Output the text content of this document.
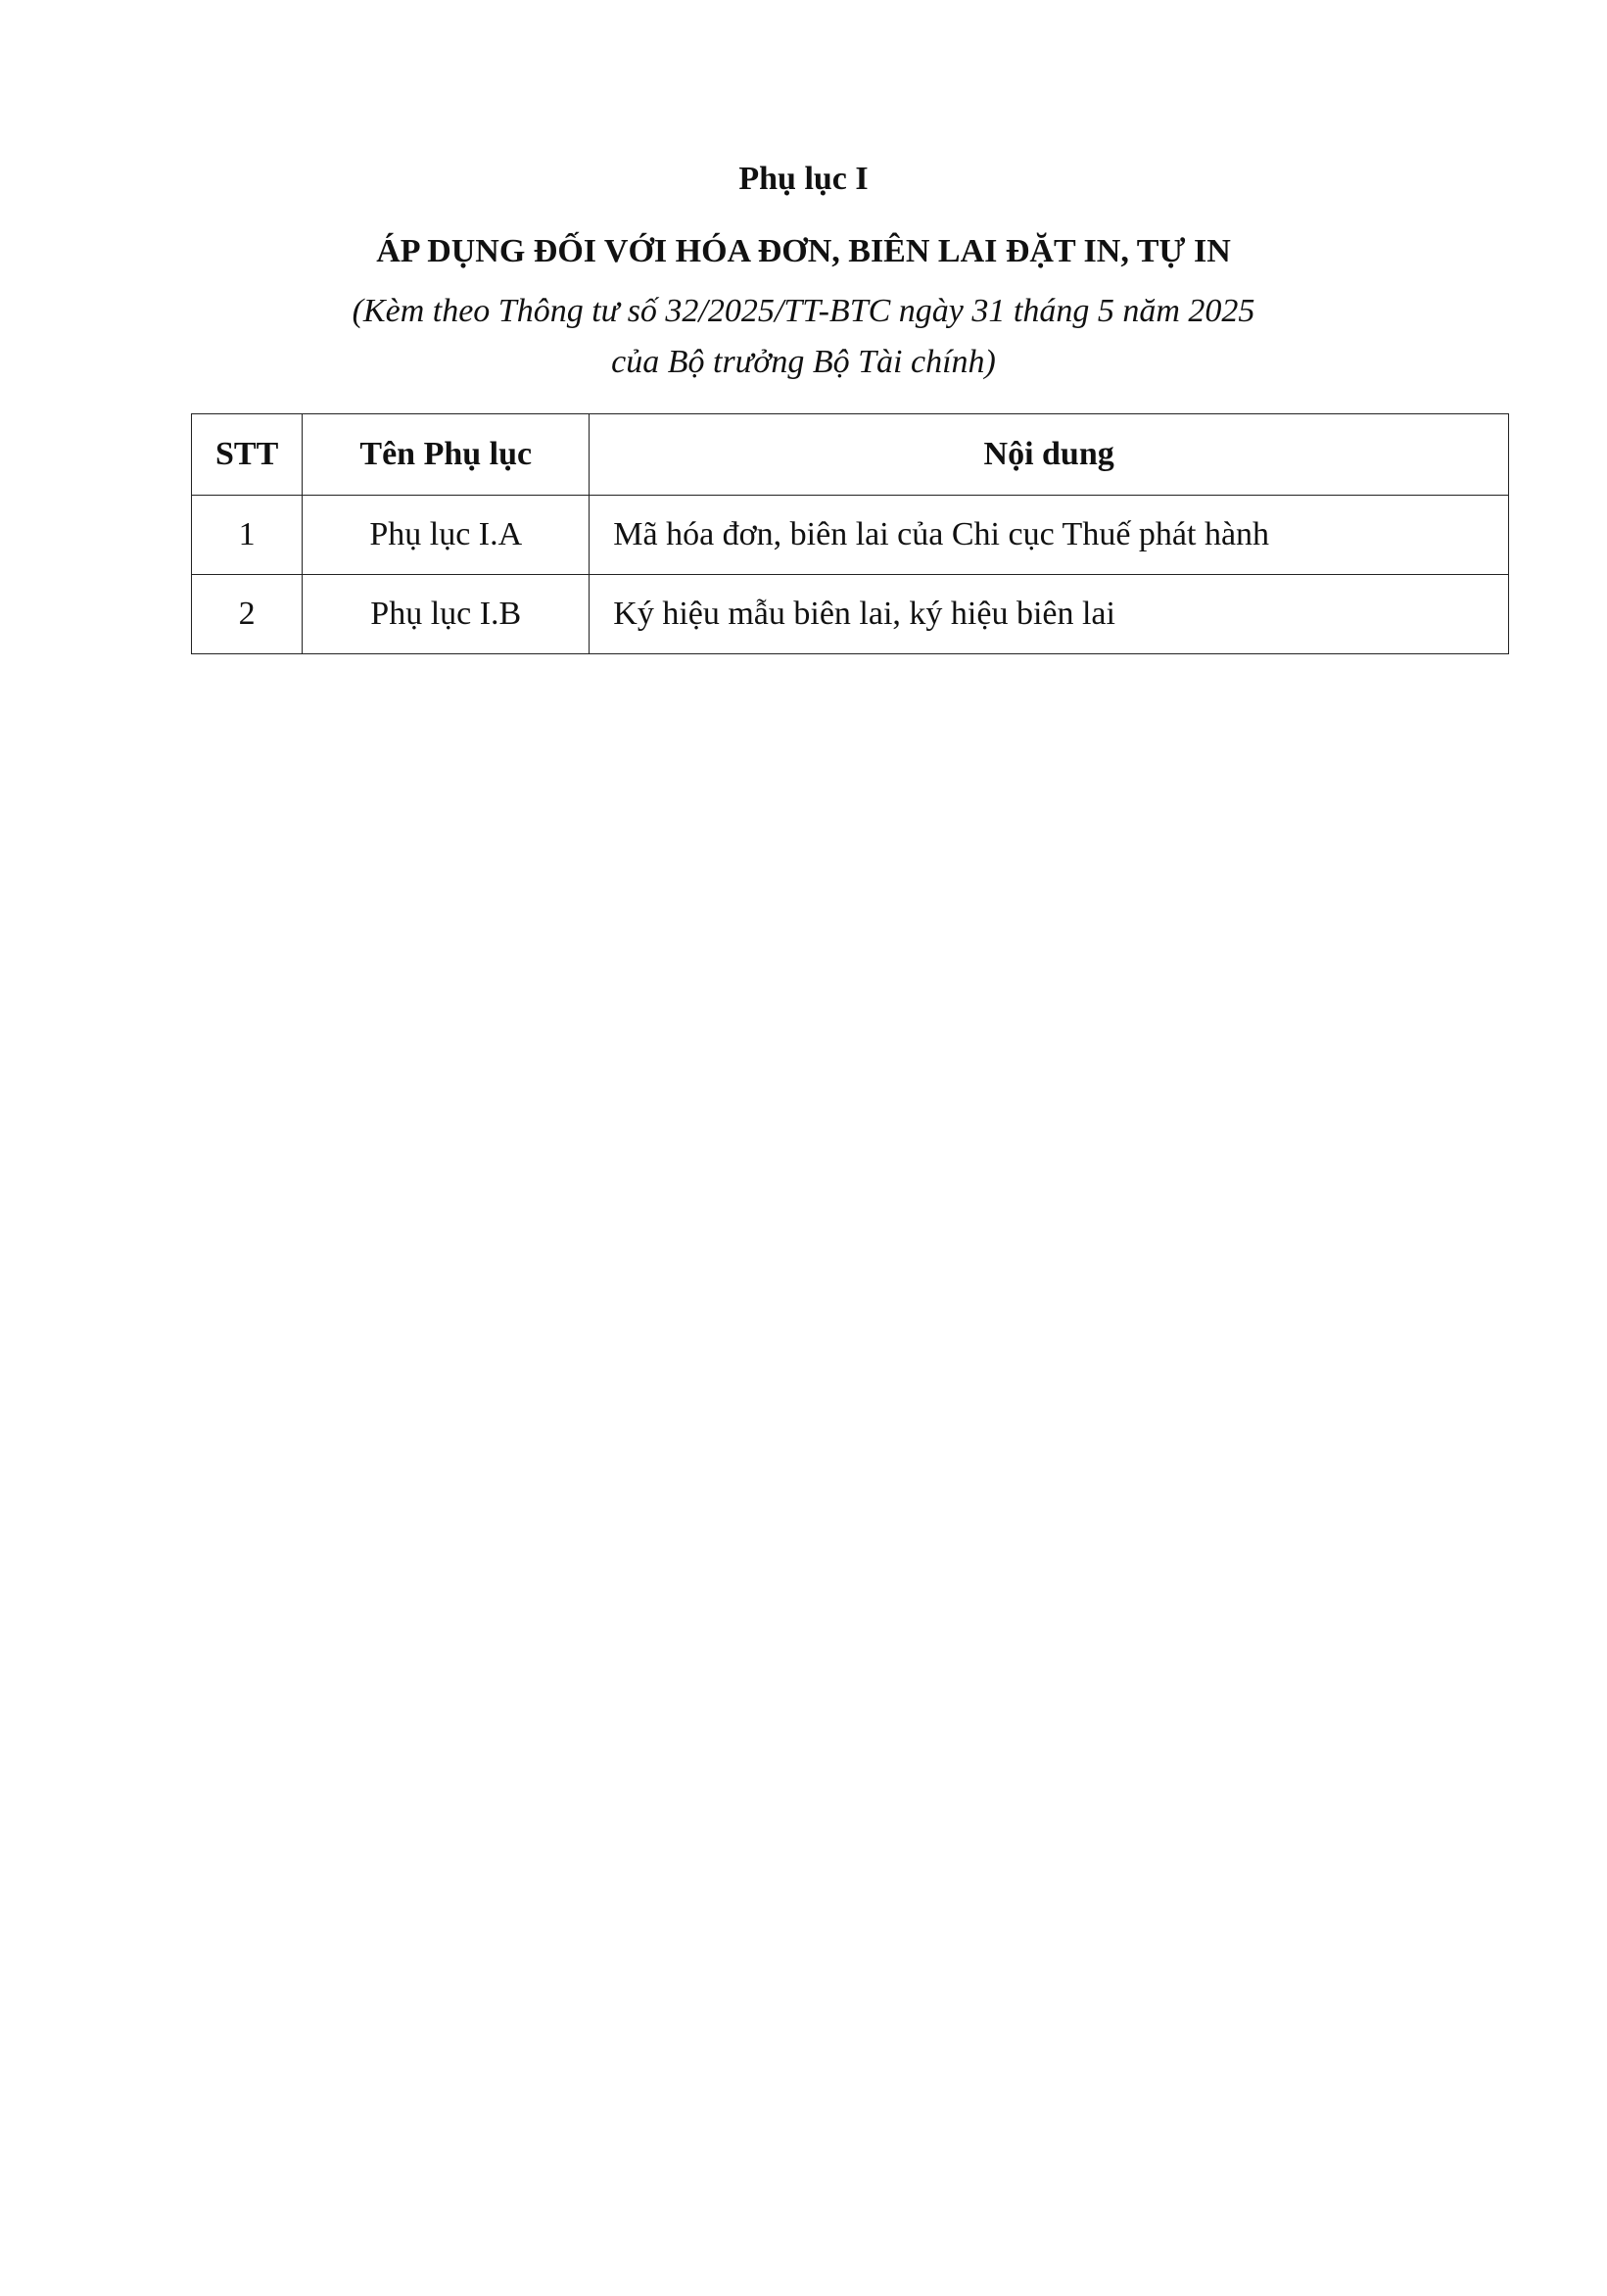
Phụ lục I

ÁP DỤNG ĐỐI VỚI HÓA ĐƠN, BIÊN LAI ĐẶT IN, TỰ IN

(Kèm theo Thông tư số 32/2025/TT-BTC ngày 31 tháng 5 năm 2025
của Bộ trưởng Bộ Tài chính)

STT	Tên Phụ lục	Nội dung
1	Phụ lục I.A	Mã hóa đơn, biên lai của Chi cục Thuế phát hành
2	Phụ lục I.B	Ký hiệu mẫu biên lai, ký hiệu biên lai
